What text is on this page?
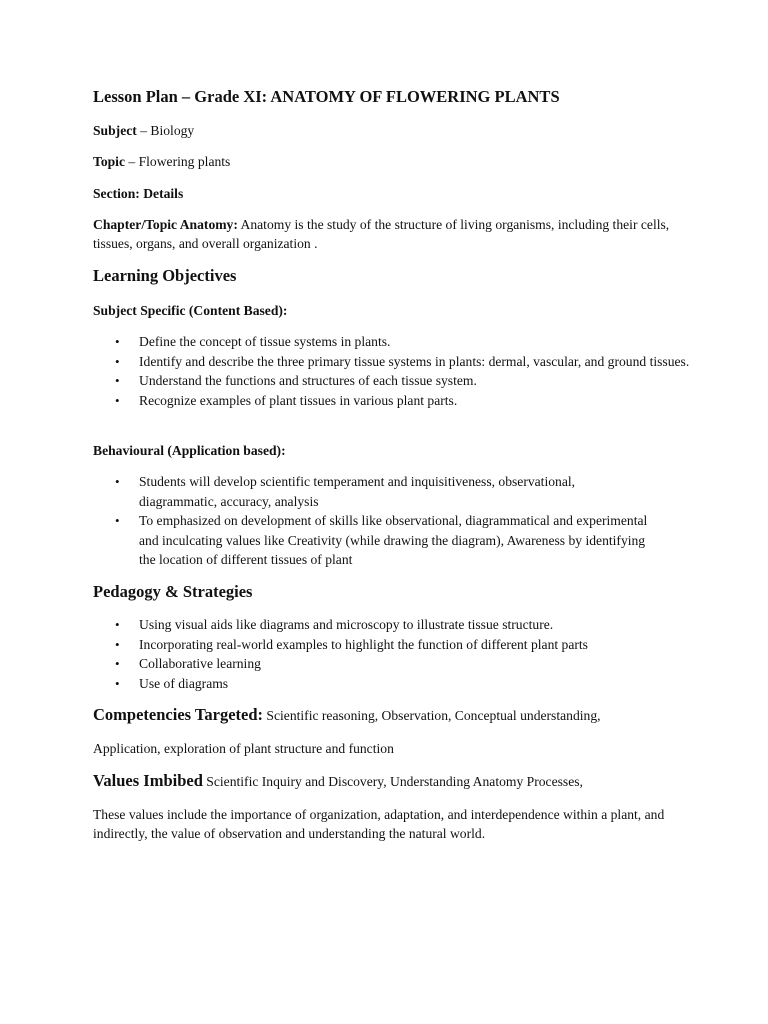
Lesson Plan – Grade XI: ANATOMY OF FLOWERING PLANTS

Subject – Biology

Topic – Flowering plants

Section: Details

Chapter/Topic Anatomy: Anatomy is the study of the structure of living organisms, including their cells, tissues, organs, and overall organization .

Learning Objectives

Subject Specific (Content Based):

• Define the concept of tissue systems in plants.
• Identify and describe the three primary tissue systems in plants: dermal, vascular, and ground tissues.
• Understand the functions and structures of each tissue system.
• Recognize examples of plant tissues in various plant parts.

Behavioural (Application based):

• Students will develop scientific temperament and inquisitiveness, observational, diagrammatic, accuracy, analysis
• To emphasized on development of skills like observational, diagrammatical and experimental and inculcating values like Creativity (while drawing the diagram), Awareness by identifying the location of different tissues of plant

Pedagogy & Strategies

• Using visual aids like diagrams and microscopy to illustrate tissue structure.
• Incorporating real-world examples to highlight the function of different plant parts
• Collaborative learning
• Use of diagrams

Competencies Targeted: Scientific reasoning, Observation, Conceptual understanding,

Application, exploration of plant structure and function

Values Imbibed Scientific Inquiry and Discovery, Understanding Anatomy Processes,

These values include the importance of organization, adaptation, and interdependence within a plant, and indirectly, the value of observation and understanding the natural world.
